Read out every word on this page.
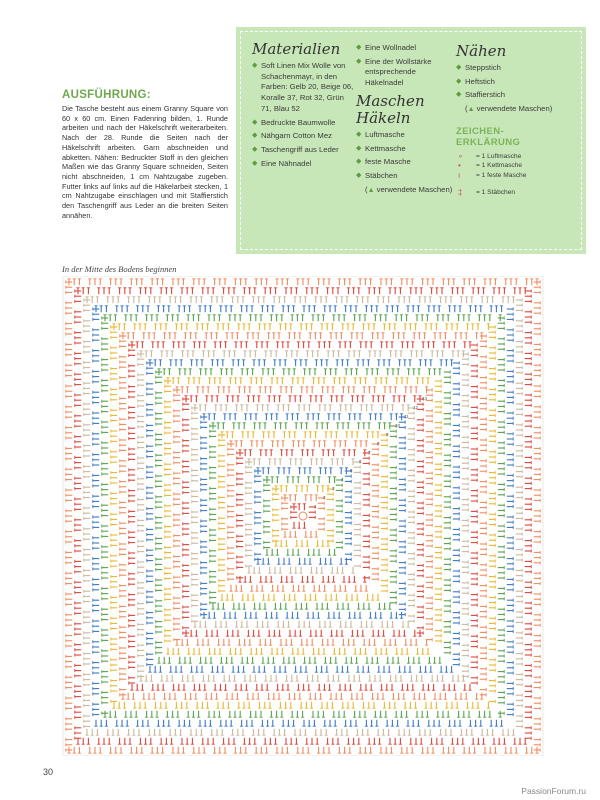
AUSFÜHRUNG:
Die Tasche besteht aus einem Granny Square von 60 x 60 cm. Einen Fadenring bilden, 1. Runde arbeiten und nach der Häkelschrift weiterarbeiten. Nach der 28. Runde die Seiten nach der Häkelschrift arbeiten. Garn abschneiden und abketten. Nähen: Bedruckter Stoff in den gleichen Maßen wie das Granny Square schneiden, Seiten nicht abschneiden, 1 cm Nahtzugabe zugeben. Futter links auf links auf die Häkelarbeit stecken, 1 cm Nahtzugabe einschlagen und mit Staffierstich den Taschengriff aus Leder an die breiten Seiten annähen.
Materialien
◆ Soft Linen Mix Wolle von Schachenmayr, in den Farben: Gelb 20, Beige 06, Koralle 37, Rot 32, Grün 71, Blau 52
◆ Bedruckte Baumwolle
◆ Nähgarn Cotton Mez
◆ Taschengriff aus Leder
◆ Eine Nähnadel
◆ Eine Wollnadel
◆ Eine der Wollstärke entsprechende Häkelnadel
Maschen
Häkeln
◆ Luftmasche
◆ Kettmasche
◆ feste Masche
◆ Stäbchen
(▲ verwendete Maschen)
Nähen
◆ Steppstich
◆ Heftstich
◆ Staffierstich
(▲ verwendete Maschen)
ZEICHEN-
ERKLÄRUNG
∘ = 1 Luftmasche
• = 1 Kettmasche
ı = 1 feste Masche
‡ = 1 Stäbchen
In der Mitte des Bodens beginnen
13
12
11
10
9
8
7
6
5
4
3
2
1
30
PassionForum.ru
